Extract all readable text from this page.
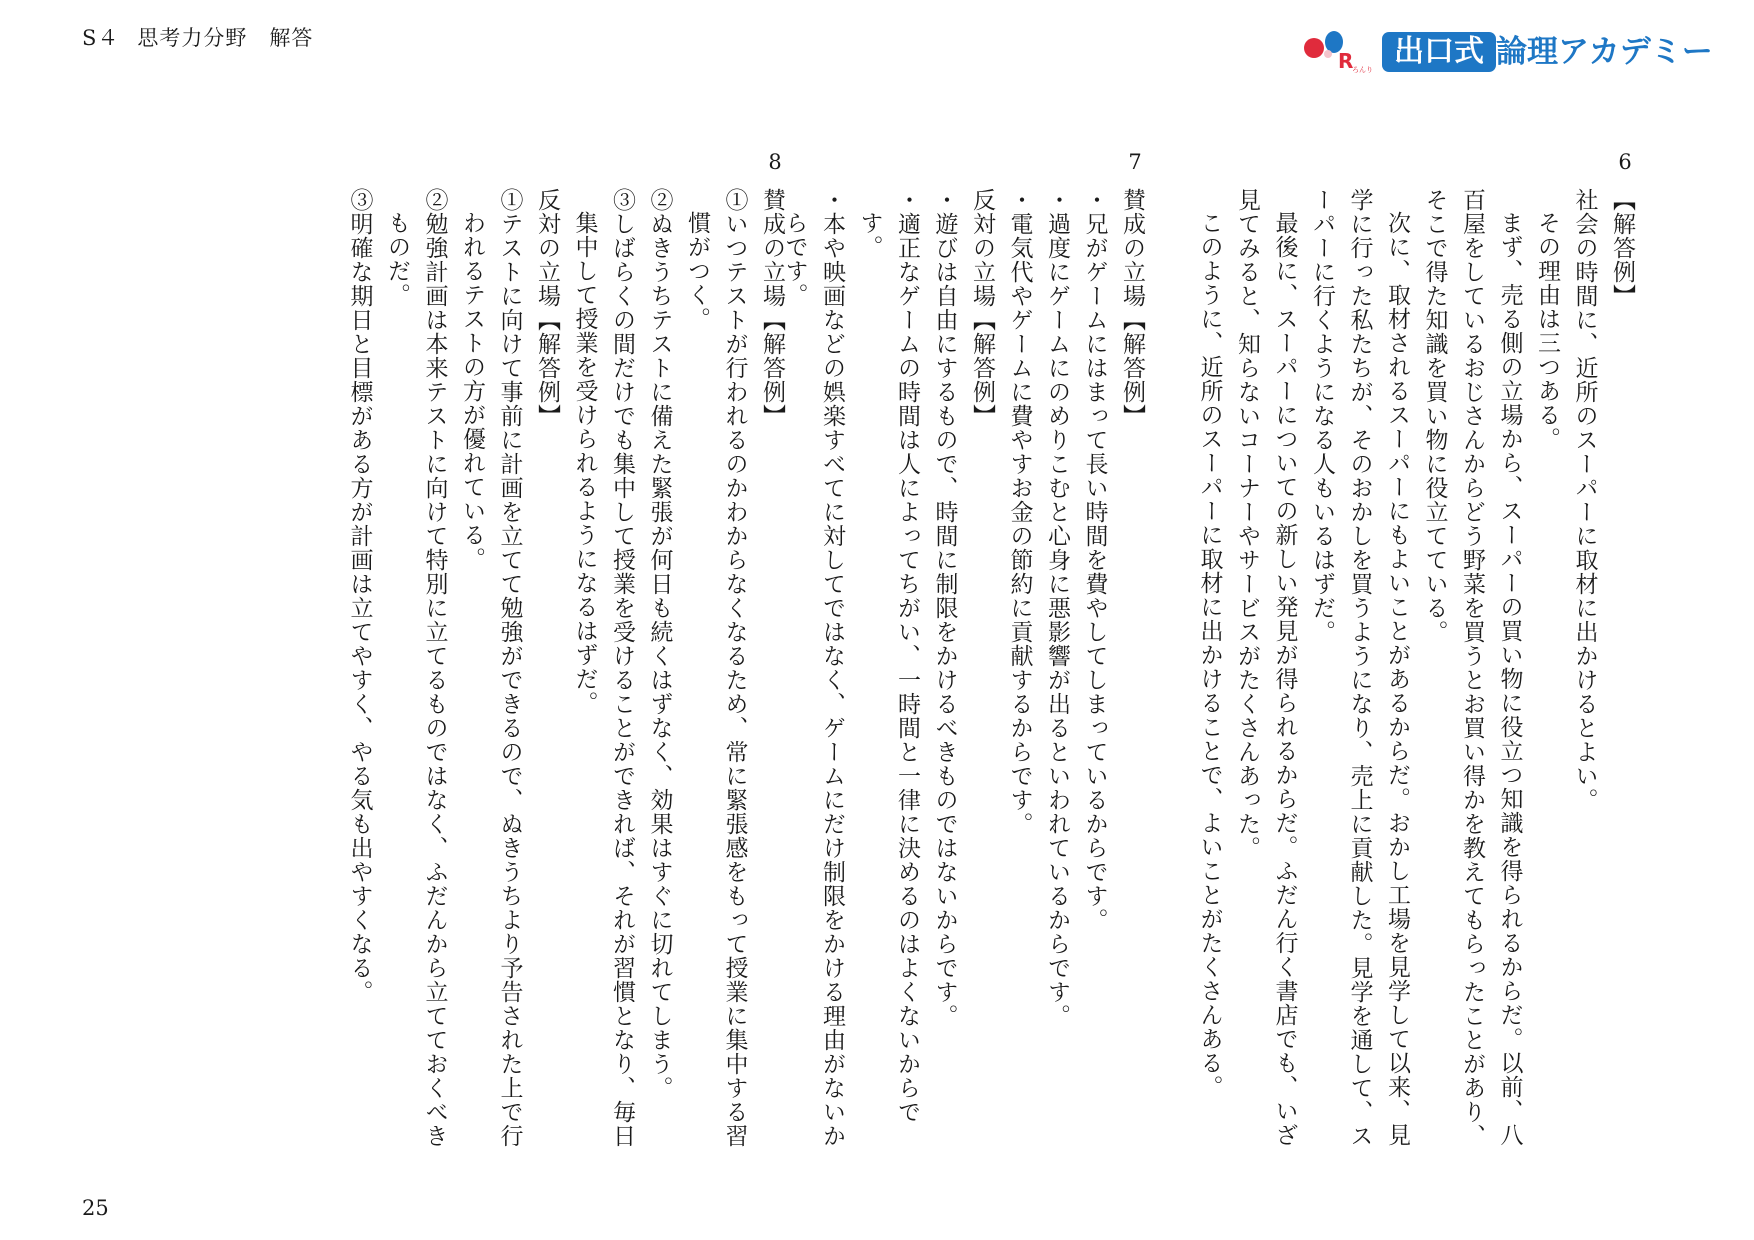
S４ 思考力分野　解答
R
ろんり
出口式 論理アカデミー
6

【解答例】

社会の時間に、近所のスーパーに取材に出かけるとよい。

その理由は三つある。

まず、売る側の立場から、スーパーの買い物に役立つ知識を得られるからだ。以前、八百屋をしているおじさんからどう野菜を買うとお買い得かを教えてもらったことがあり、そこで得た知識を買い物に役立てている。

次に、取材されるスーパーにもよいことがあるからだ。おかし工場を見学して以来、見学に行った私たちが、そのおかしを買うようになり、売上に貢献した。見学を通して、スーパーに行くようになる人もいるはずだ。

最後に、スーパーについての新しい発見が得られるからだ。ふだん行く書店でも、いざ見てみると、知らないコーナーやサービスがたくさんあった。

このように、近所のスーパーに取材に出かけることで、よいことがたくさんある。

7

賛成の立場【解答例】

・兄がゲームにはまって長い時間を費やしてしまっているからです。

・過度にゲームにのめりこむと心身に悪影響が出るといわれているからです。

・電気代やゲームに費やすお金の節約に貢献するからです。

反対の立場【解答例】

・遊びは自由にするもので、時間に制限をかけるべきものではないからです。

・適正なゲームの時間は人によってちがい、一時間と一律に決めるのはよくないからです。

・本や映画などの娯楽すべてに対してではなく、ゲームにだけ制限をかける理由がないからです。

8

賛成の立場【解答例】

①いつテストが行われるのかわからなくなるため、常に緊張感をもって授業に集中する習慣がつく。

②ぬきうちテストに備えた緊張が何日も続くはずなく、効果はすぐに切れてしまう。

③しばらくの間だけでも集中して授業を受けることができれば、それが習慣となり、毎日集中して授業を受けられるようになるはずだ。

反対の立場【解答例】

①テストに向けて事前に計画を立てて勉強ができるので、ぬきうちより予告された上で行われるテストの方が優れている。

②勉強計画は本来テストに向けて特別に立てるものではなく、ふだんから立てておくべきものだ。

③明確な期日と目標がある方が計画は立てやすく、やる気も出やすくなる。

25
